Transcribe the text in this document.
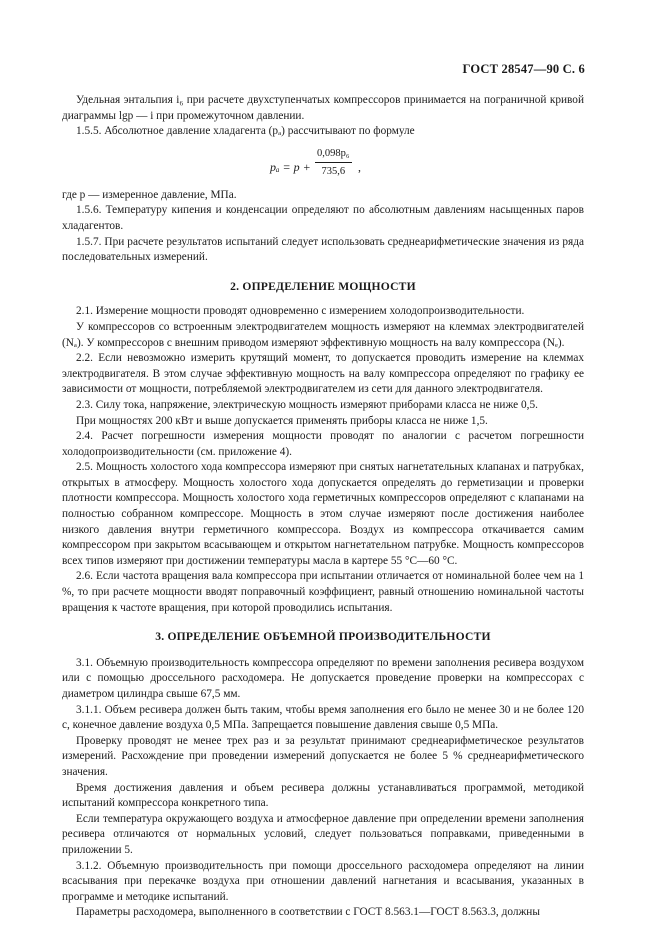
ГОСТ 28547—90 С. 6

Удельная энтальпия i₆ при расчете двухступенчатых компрессоров принимается на пограничной кривой диаграммы lgp — i при промежуточном давлении.

1.5.5. Абсолютное давление хладагента (pₐ) рассчитывают по формуле

$p_a = p + \frac{\text{0,098p₆}}{735,6}$ ,

где p — измеренное давление, МПа.

1.5.6. Температуру кипения и конденсации определяют по абсолютным давлениям насыщенных паров хладагентов.

1.5.7. При расчете результатов испытаний следует использовать среднеарифметические значения из ряда последовательных измерений.

2. ОПРЕДЕЛЕНИЕ МОЩНОСТИ

2.1. Измерение мощности проводят одновременно с измерением холодопроизводительности.

У компрессоров со встроенным электродвигателем мощность измеряют на клеммах электродвигателей (Nₐ). У компрессоров с внешним приводом измеряют эффективную мощность на валу компрессора (Nₑ).

2.2. Если невозможно измерить крутящий момент, то допускается проводить измерение на клеммах электродвигателя. В этом случае эффективную мощность на валу компрессора определяют по графику ее зависимости от мощности, потребляемой электродвигателем из сети для данного электродвигателя.

2.3. Силу тока, напряжение, электрическую мощность измеряют приборами класса не ниже 0,5.

При мощностях 200 кВт и выше допускается применять приборы класса не ниже 1,5.

2.4. Расчет погрешности измерения мощности проводят по аналогии с расчетом погрешности холодопроизводительности (см. приложение 4).

2.5. Мощность холостого хода компрессора измеряют при снятых нагнетательных клапанах и патрубках, открытых в атмосферу. Мощность холостого хода допускается определять до герметизации и проверки плотности компрессора. Мощность холостого хода герметичных компрессоров определяют с клапанами на полностью собранном компрессоре. Мощность в этом случае измеряют после достижения наиболее низкого давления внутри герметичного компрессора. Воздух из компрессора откачивается самим компрессором при закрытом всасывающем и открытом нагнетательном патрубке. Мощность компрессоров всех типов измеряют при достижении температуры масла в картере 55 °С—60 °С.

2.6. Если частота вращения вала компрессора при испытании отличается от номинальной более чем на 1 %, то при расчете мощности вводят поправочный коэффициент, равный отношению номинальной частоты вращения к частоте вращения, при которой проводились испытания.

3. ОПРЕДЕЛЕНИЕ ОБЪЕМНОЙ ПРОИЗВОДИТЕЛЬНОСТИ

3.1. Объемную производительность компрессора определяют по времени заполнения ресивера воздухом или с помощью дроссельного расходомера. Не допускается проведение проверки на компрессорах с диаметром цилиндра свыше 67,5 мм.

3.1.1. Объем ресивера должен быть таким, чтобы время заполнения его было не менее 30 и не более 120 с, конечное давление воздуха 0,5 МПа. Запрещается повышение давления свыше 0,5 МПа.

Проверку проводят не менее трех раз и за результат принимают среднеарифметическое результатов измерений. Расхождение при проведении измерений допускается не более 5 % среднеарифметического значения.

Время достижения давления и объем ресивера должны устанавливаться программой, методикой испытаний компрессора конкретного типа.

Если температура окружающего воздуха и атмосферное давление при определении времени заполнения ресивера отличаются от нормальных условий, следует пользоваться поправками, приведенными в приложении 5.

3.1.2. Объемную производительность при помощи дроссельного расходомера определяют на линии всасывания при перекачке воздуха при отношении давлений нагнетания и всасывания, указанных в программе и методике испытаний.

Параметры расходомера, выполненного в соответствии с ГОСТ 8.563.1—ГОСТ 8.563.3, должны
